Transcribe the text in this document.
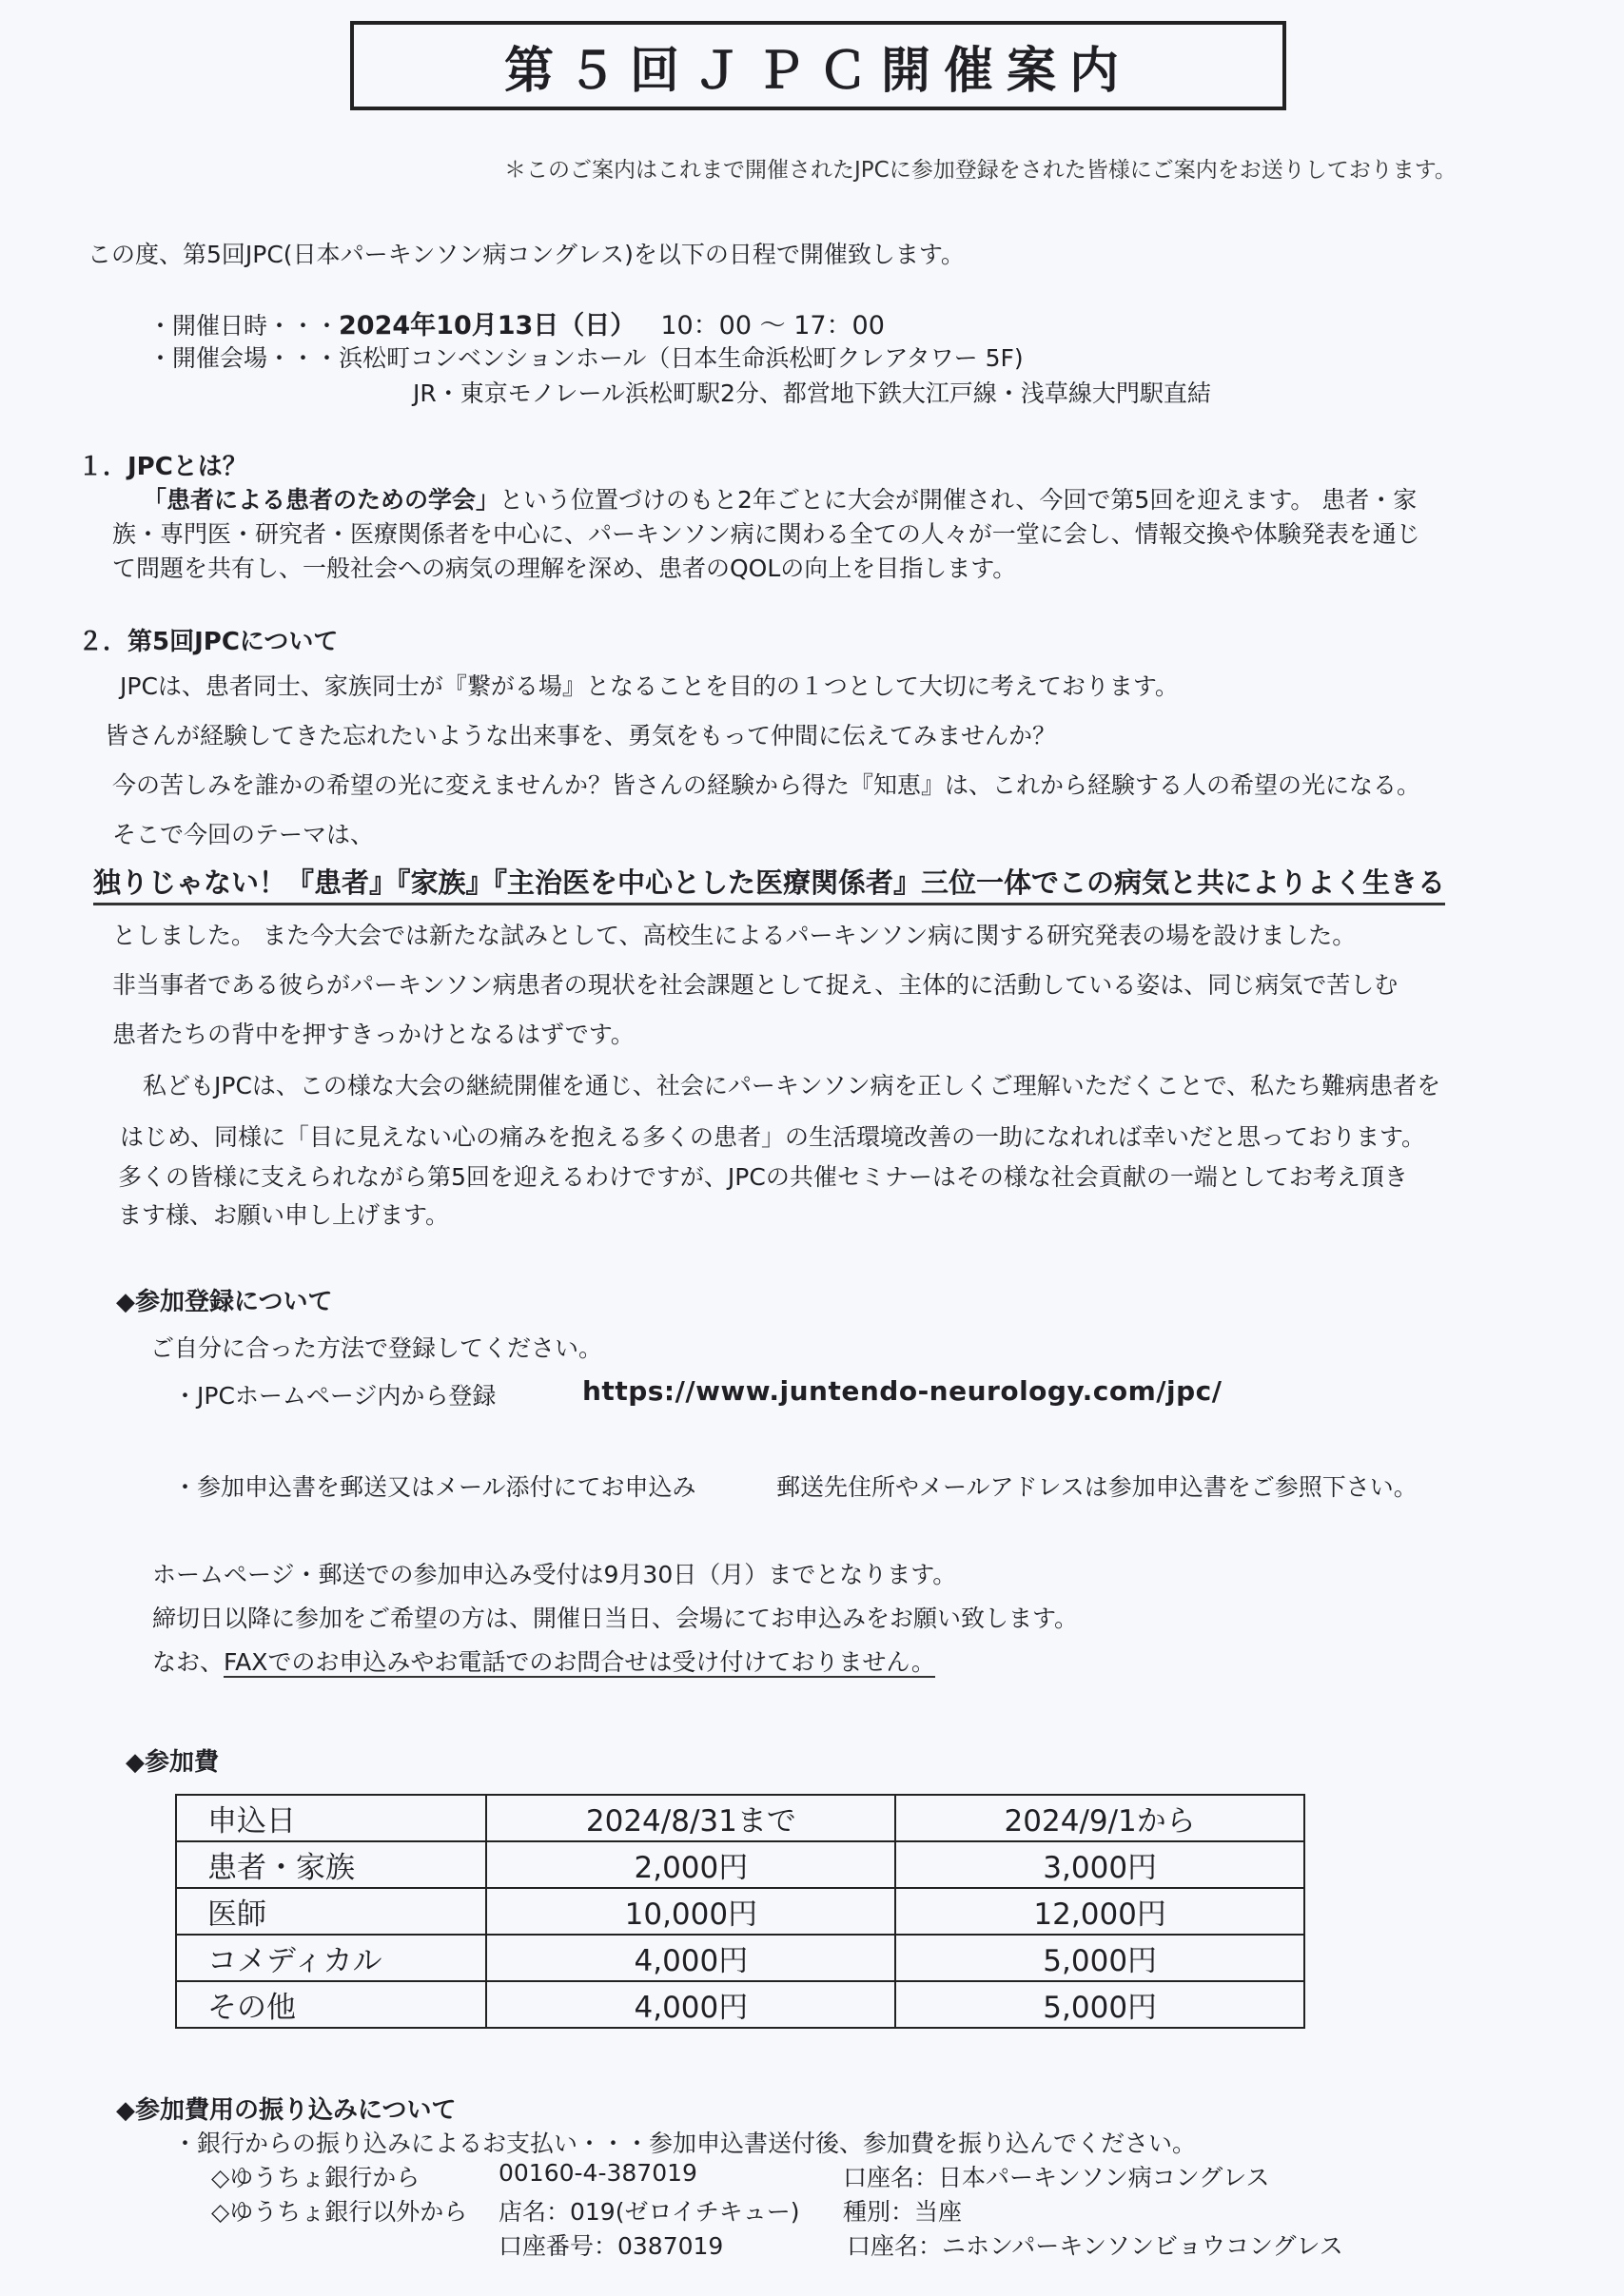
第５回ＪＰＣ開催案内
＊このご案内はこれまで開催されたJPCに参加登録をされた皆様にご案内をお送りしております。
この度、第5回JPC(日本パーキンソン病コングレス)を以下の日程で開催致します。
・開催日時・・・2024年10月13日（日） 10：00 ～ 17：00
・開催会場・・・浜松町コンベンションホール（日本生命浜松町クレアタワー 5F)
JR・東京モノレール浜松町駅2分、都営地下鉄大江戸線・浅草線大門駅直結
１．JPCとは？
「患者による患者のための学会」という位置づけのもと2年ごとに大会が開催され、今回で第5回を迎えます。 患者・家
族・専門医・研究者・医療関係者を中心に、パーキンソン病に関わる全ての人々が一堂に会し、情報交換や体験発表を通じ
て問題を共有し、一般社会への病気の理解を深め、患者のQOLの向上を目指します。
２．第5回JPCについて
JPCは、患者同士、家族同士が『繋がる場』となることを目的の１つとして大切に考えております。
皆さんが経験してきた忘れたいような出来事を、勇気をもって仲間に伝えてみませんか？
今の苦しみを誰かの希望の光に変えませんか？皆さんの経験から得た『知恵』は、これから経験する人の希望の光になる。
そこで今回のテーマは、
独りじゃない！『患者』『家族』『主治医を中心とした医療関係者』三位一体でこの病気と共によりよく生きる
としました。 また今大会では新たな試みとして、高校生によるパーキンソン病に関する研究発表の場を設けました。
非当事者である彼らがパーキンソン病患者の現状を社会課題として捉え、主体的に活動している姿は、同じ病気で苦しむ
患者たちの背中を押すきっかけとなるはずです。
私どもJPCは、この様な大会の継続開催を通じ、社会にパーキンソン病を正しくご理解いただくことで、私たち難病患者を
はじめ、同様に「目に見えない心の痛みを抱える多くの患者」の生活環境改善の一助になれれば幸いだと思っております。
多くの皆様に支えられながら第5回を迎えるわけですが、JPCの共催セミナーはその様な社会貢献の一端としてお考え頂き
ます様、お願い申し上げます。
◆参加登録について
ご自分に合った方法で登録してください。
・JPCホームページ内から登録	https://www.juntendo-neurology.com/jpc/
・参加申込書を郵送又はメール添付にてお申込み	郵送先住所やメールアドレスは参加申込書をご参照下さい。
ホームページ・郵送での参加申込み受付は9月30日（月）までとなります。
締切日以降に参加をご希望の方は、開催日当日、会場にてお申込みをお願い致します。
なお、FAXでのお申込みやお電話でのお問合せは受け付けておりません。
◆参加費
申込日	2024/8/31まで	2024/9/1から
患者・家族	2,000円	3,000円
医師	10,000円	12,000円
コメディカル	4,000円	5,000円
その他	4,000円	5,000円
◆参加費用の振り込みについて
・銀行からの振り込みによるお支払い・・・参加申込書送付後、参加費を振り込んでください。
◇ゆうちょ銀行から	00160-4-387019	口座名：日本パーキンソン病コングレス
◇ゆうちょ銀行以外から 店名：019(ゼロイチキュー) 種別：当座
口座番号：0387019	口座名：ニホンパーキンソンビョウコングレス
